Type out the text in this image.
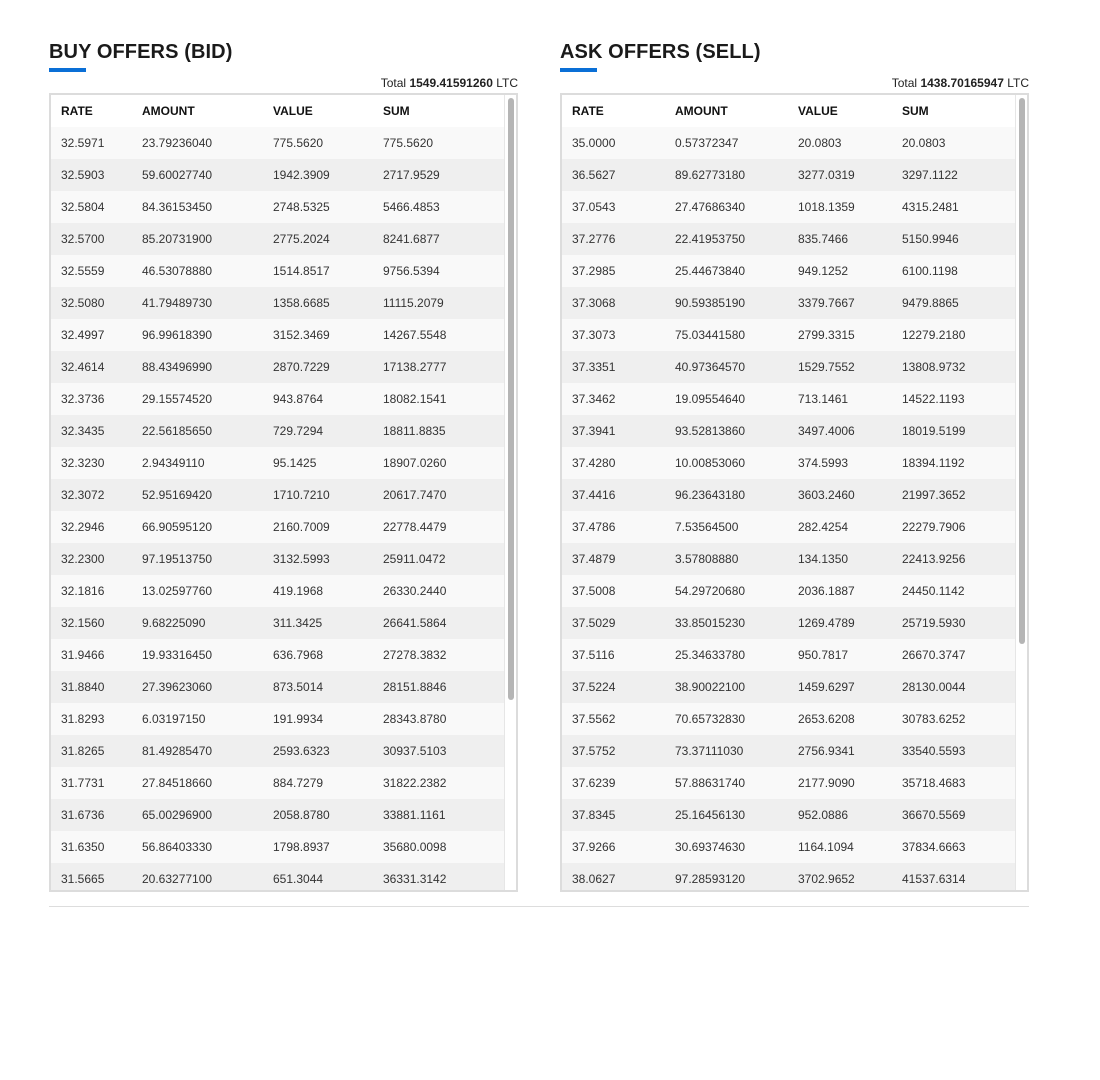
BUY OFFERS (BID)
Total 1549.41591260 LTC
RATE	AMOUNT	VALUE	SUM
32.5971	23.79236040	775.5620	775.5620
32.5903	59.60027740	1942.3909	2717.9529
32.5804	84.36153450	2748.5325	5466.4853
32.5700	85.20731900	2775.2024	8241.6877
32.5559	46.53078880	1514.8517	9756.5394
32.5080	41.79489730	1358.6685	11115.2079
32.4997	96.99618390	3152.3469	14267.5548
32.4614	88.43496990	2870.7229	17138.2777
32.3736	29.15574520	943.8764	18082.1541
32.3435	22.56185650	729.7294	18811.8835
32.3230	2.94349110	95.1425	18907.0260
32.3072	52.95169420	1710.7210	20617.7470
32.2946	66.90595120	2160.7009	22778.4479
32.2300	97.19513750	3132.5993	25911.0472
32.1816	13.02597760	419.1968	26330.2440
32.1560	9.68225090	311.3425	26641.5864
31.9466	19.93316450	636.7968	27278.3832
31.8840	27.39623060	873.5014	28151.8846
31.8293	6.03197150	191.9934	28343.8780
31.8265	81.49285470	2593.6323	30937.5103
31.7731	27.84518660	884.7279	31822.2382
31.6736	65.00296900	2058.8780	33881.1161
31.6350	56.86403330	1798.8937	35680.0098
31.5665	20.63277100	651.3044	36331.3142
ASK OFFERS (SELL)
Total 1438.70165947 LTC
RATE	AMOUNT	VALUE	SUM
35.0000	0.57372347	20.0803	20.0803
36.5627	89.62773180	3277.0319	3297.1122
37.0543	27.47686340	1018.1359	4315.2481
37.2776	22.41953750	835.7466	5150.9946
37.2985	25.44673840	949.1252	6100.1198
37.3068	90.59385190	3379.7667	9479.8865
37.3073	75.03441580	2799.3315	12279.2180
37.3351	40.97364570	1529.7552	13808.9732
37.3462	19.09554640	713.1461	14522.1193
37.3941	93.52813860	3497.4006	18019.5199
37.4280	10.00853060	374.5993	18394.1192
37.4416	96.23643180	3603.2460	21997.3652
37.4786	7.53564500	282.4254	22279.7906
37.4879	3.57808880	134.1350	22413.9256
37.5008	54.29720680	2036.1887	24450.1142
37.5029	33.85015230	1269.4789	25719.5930
37.5116	25.34633780	950.7817	26670.3747
37.5224	38.90022100	1459.6297	28130.0044
37.5562	70.65732830	2653.6208	30783.6252
37.5752	73.37111030	2756.9341	33540.5593
37.6239	57.88631740	2177.9090	35718.4683
37.8345	25.16456130	952.0886	36670.5569
37.9266	30.69374630	1164.1094	37834.6663
38.0627	97.28593120	3702.9652	41537.6314
